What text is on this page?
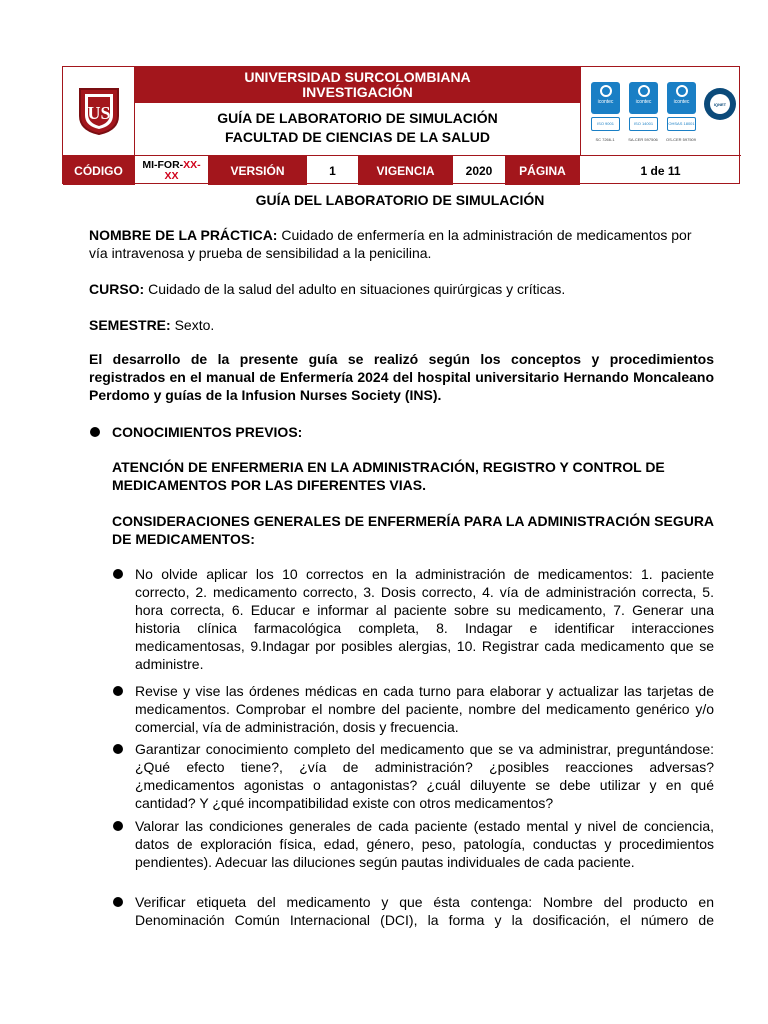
US
UNIVERSIDAD SURCOLOMBIANA
INVESTIGACIÓN
GUÍA DE LABORATORIO DE SIMULACIÓN
FACULTAD DE CIENCIAS DE LA SALUD
icontec
ISO 9001
SC 7266-1
icontec
ISO 14001
SA-CER 597506
icontec
OHSAS 18001
OS-CER 597509
IQNET
CÓDIGO	MI-FOR-XX-
XX	VERSIÓN	1	VIGENCIA	2020	PÁGINA	1 de 11
GUÍA DEL LABORATORIO DE SIMULACIÓN
NOMBRE DE LA PRÁCTICA: Cuidado de enfermería en la administración de medicamentos por vía intravenosa y prueba de sensibilidad a la penicilina.
CURSO: Cuidado de la salud del adulto en situaciones quirúrgicas y críticas.
SEMESTRE: Sexto.
El desarrollo de la presente guía se realizó según los conceptos y procedimientos registrados en el manual de Enfermería 2024 del hospital universitario Hernando Moncaleano Perdomo y guías de la Infusion Nurses Society (INS).
CONOCIMIENTOS PREVIOS:
ATENCIÓN DE ENFERMERIA EN LA ADMINISTRACIÓN, REGISTRO Y CONTROL DE MEDICAMENTOS POR LAS DIFERENTES VIAS.
CONSIDERACIONES GENERALES DE ENFERMERÍA PARA LA ADMINISTRACIÓN SEGURA DE MEDICAMENTOS:
No olvide aplicar los 10 correctos en la administración de medicamentos: 1. paciente correcto, 2. medicamento correcto, 3. Dosis correcto, 4. vía de administración correcta, 5. hora correcta, 6. Educar e informar al paciente sobre su medicamento, 7. Generar una historia clínica farmacológica completa, 8. Indagar e identificar interacciones medicamentosas, 9.Indagar por posibles alergias, 10. Registrar cada medicamento que se administre.
Revise y vise las órdenes médicas en cada turno para elaborar y actualizar las tarjetas de medicamentos. Comprobar el nombre del paciente, nombre del medicamento genérico y/o comercial, vía de administración, dosis y frecuencia.
Garantizar conocimiento completo del medicamento que se va administrar, preguntándose: ¿Qué efecto tiene?, ¿vía de administración? ¿posibles reacciones adversas? ¿medicamentos agonistas o antagonistas? ¿cuál diluyente se debe utilizar y en qué cantidad? Y ¿qué incompatibilidad existe con otros medicamentos?
Valorar las condiciones generales de cada paciente (estado mental y nivel de conciencia, datos de exploración física, edad, género, peso, patología, conductas y procedimientos pendientes). Adecuar las diluciones según pautas individuales de cada paciente.
Verificar etiqueta del medicamento y que ésta contenga: Nombre del producto en Denominación Común Internacional (DCI), la forma y la dosificación, el número de
